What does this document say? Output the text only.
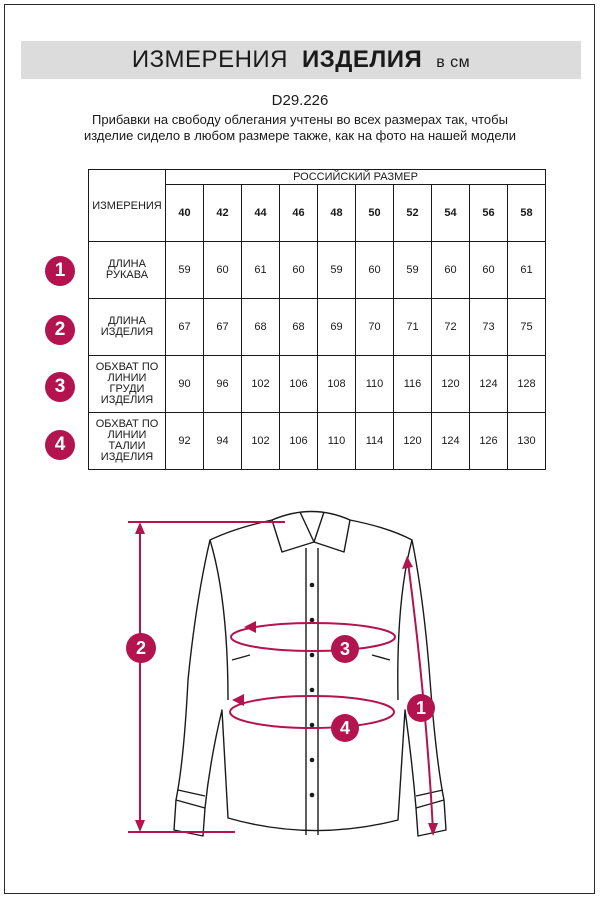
ИЗМЕРЕНИЯ ИЗДЕЛИЯ в см
D29.226
Прибавки на свободу облегания учтены во всех размерах так, чтобы изделие сидело в любом размере также, как на фото на нашей модели
ИЗМЕРЕНИЯ	РОССИЙСКИЙ РАЗМЕР									
	40	42	44	46	48	50	52	54	56	58
ДЛИНА РУКАВА	59	60	61	60	59	60	59	60	60	61
ДЛИНА ИЗДЕЛИЯ	67	67	68	68	69	70	71	72	73	75
ОБХВАТ ПО ЛИНИИ ГРУДИ ИЗДЕЛИЯ	90	96	102	106	108	110	116	120	124	128
ОБХВАТ ПО ЛИНИИ ТАЛИИ ИЗДЕЛИЯ	92	94	102	106	110	114	120	124	126	130
1
2
3
4
2	3
4
1
